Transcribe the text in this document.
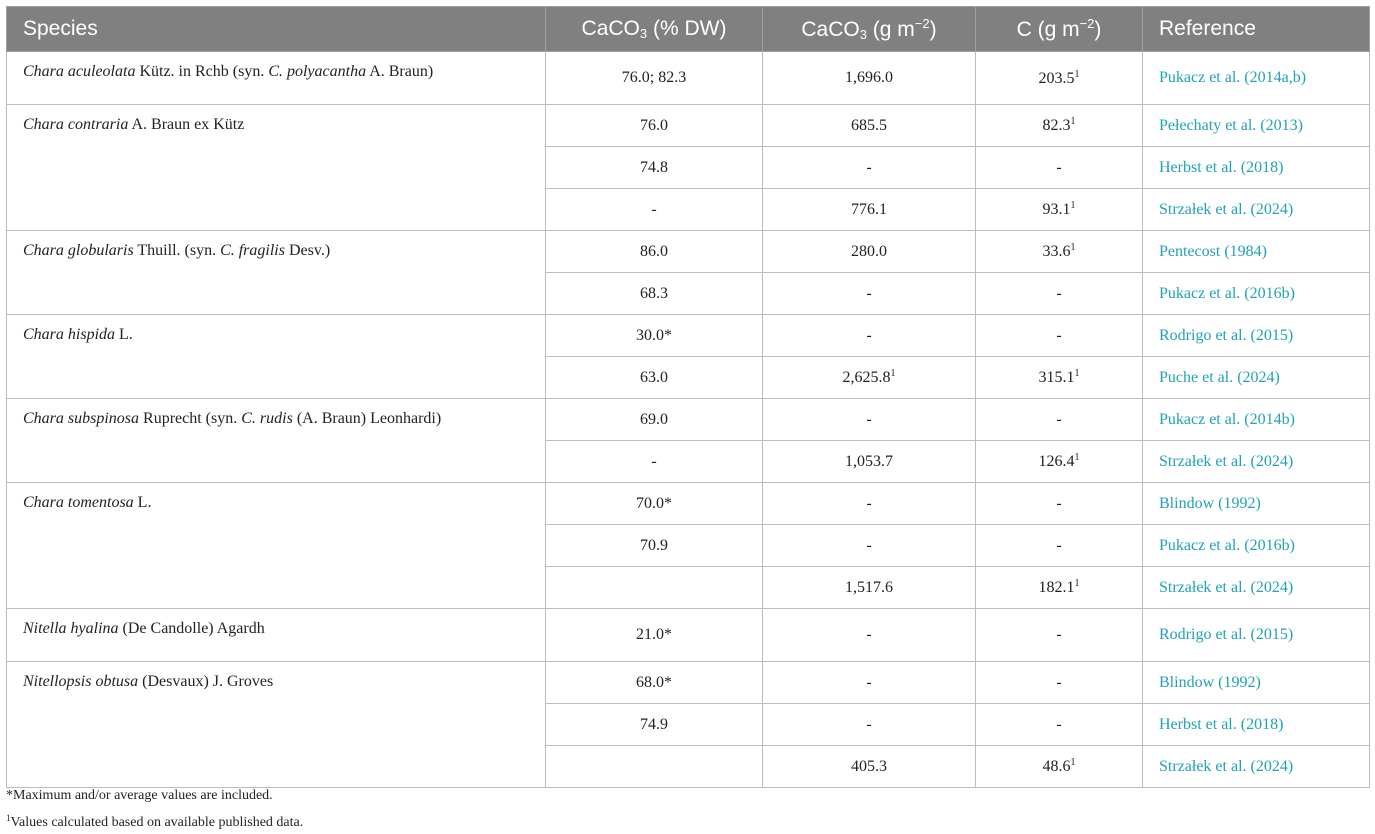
Species	CaCO$_3$ (% DW)	CaCO$_3$ (g $m^{-2}$)	C (g $m^{-2}$)	Reference
Chara aculeolata Kütz. in Rchb (syn. C. polyacantha A. Braun)	76.0; 82.3	1,696.0	203.5$^1$	Pukacz et al. (2014a,b)
Chara contraria A. Braun ex Kütz	76.0	685.5	82.3$^1$	Pełechaty et al. (2013)
	74.8	-	-	Herbst et al. (2018)
	-	776.1	93.1$^1$	Strzałek et al. (2024)
Chara globularis Thuill. (syn. C. fragilis Desv.)	86.0	280.0	33.6$^1$	Pentecost (1984)
	68.3	-	-	Pukacz et al. (2016b)
Chara hispida L.	30.0*	-	-	Rodrigo et al. (2015)
	63.0	2,625.8$^1$	315.1$^1$	Puche et al. (2024)
Chara subspinosa Ruprecht (syn. C. rudis (A. Braun) Leonhardi)	69.0	-	-	Pukacz et al. (2014b)
	-	1,053.7	126.4$^1$	Strzałek et al. (2024)
Chara tomentosa L.	70.0*	-	-	Blindow (1992)
	70.9	-	-	Pukacz et al. (2016b)
		1,517.6	182.1$^1$	Strzałek et al. (2024)
Nitella hyalina (De Candolle) Agardh	21.0*	-	-	Rodrigo et al. (2015)
Nitellopsis obtusa (Desvaux) J. Groves	68.0*	-	-	Blindow (1992)
	74.9	-	-	Herbst et al. (2018)
		405.3	48.6$^1$	Strzałek et al. (2024)
*Maximum and/or average values are included.
$^1$Values calculated based on available published data.
